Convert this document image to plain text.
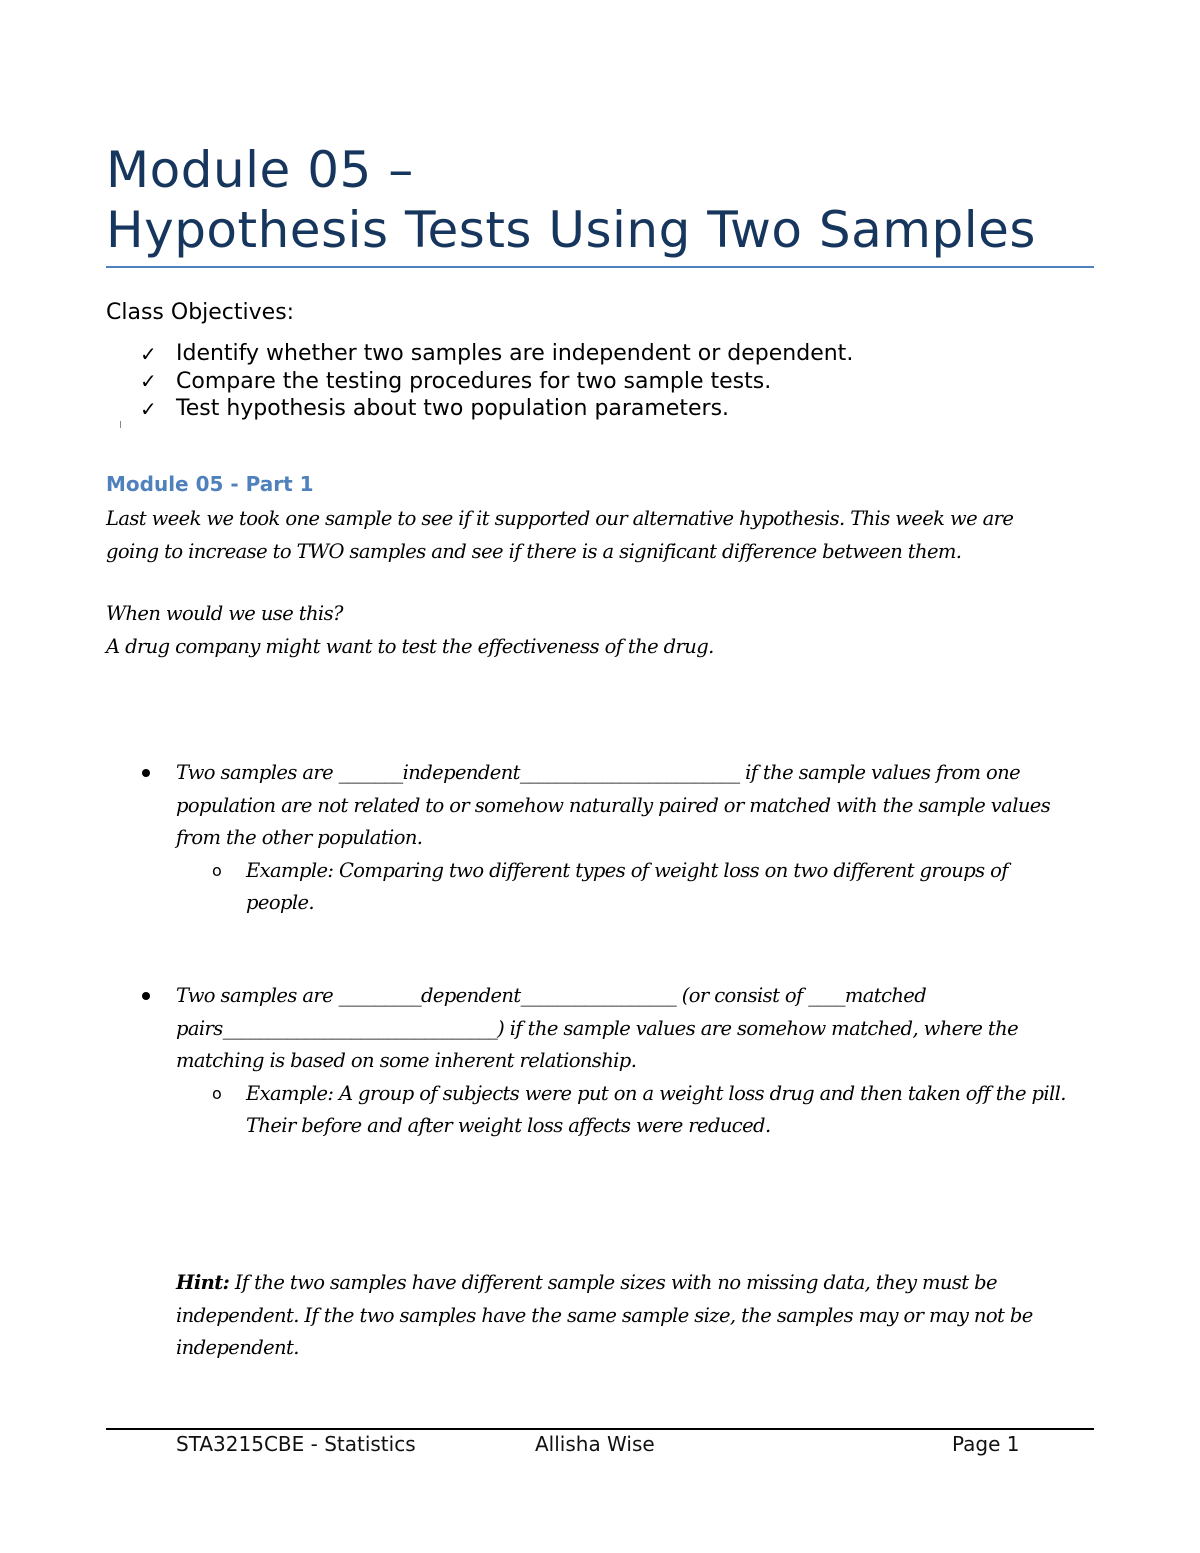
Module 05 –
Hypothesis Tests Using Two Samples
Class Objectives:
✓ Identify whether two samples are independent or dependent.
✓ Compare the testing procedures for two sample tests.
✓ Test hypothesis about two population parameters.
Module 05 - Part 1

Last week we took one sample to see if it supported our alternative hypothesis. This week we are

going to increase to TWO samples and see if there is a significant difference between them.

When would we use this?

A drug company might want to test the effectiveness of the drug.

Two samples are _______independent________________________ if the sample values from one

population are not related to or somehow naturally paired or matched with the sample values

from the other population.

o Example: Comparing two different types of weight loss on two different groups of

people.

Two samples are _________dependent_________________ (or consist of ____matched

pairs______________________________) if the sample values are somehow matched, where the

matching is based on some inherent relationship.

o Example: A group of subjects were put on a weight loss drug and then taken off the pill.

Their before and after weight loss affects were reduced.

Hint: If the two samples have different sample sizes with no missing data, they must be

independent. If the two samples have the same sample size, the samples may or may not be

independent.

STA3215CBE - Statistics	Allisha Wise	Page 1
